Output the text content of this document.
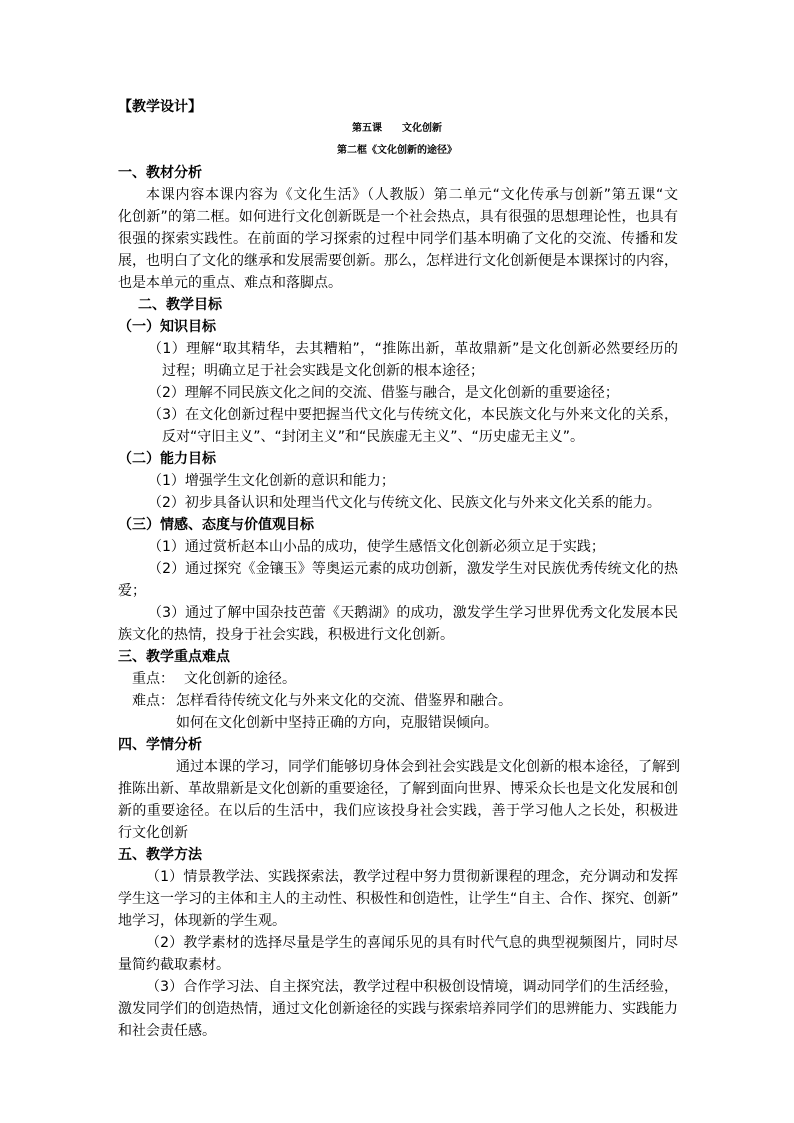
【教学设计】
第五课　　文化创新
第二框《文化创新的途径》
一、教材分析
本课内容本课内容为《文化生活》（人教版）第二单元“文化传承与创新”第五课“文
化创新”的第二框。如何进行文化创新既是一个社会热点，具有很强的思想理论性，也具有
很强的探索实践性。在前面的学习探索的过程中同学们基本明确了文化的交流、传播和发
展，也明白了文化的继承和发展需要创新。那么，怎样进行文化创新便是本课探讨的内容，
也是本单元的重点、难点和落脚点。
二、教学目标
（一）知识目标
（1）理解“取其精华，去其糟粕”，“推陈出新，革故鼎新”是文化创新必然要经历的
过程；明确立足于社会实践是文化创新的根本途径；
（2）理解不同民族文化之间的交流、借鉴与融合，是文化创新的重要途径；
（3）在文化创新过程中要把握当代文化与传统文化，本民族文化与外来文化的关系，
反对“守旧主义”、“封闭主义”和“民族虚无主义”、“历史虚无主义”。
（二）能力目标
（1）增强学生文化创新的意识和能力；
（2）初步具备认识和处理当代文化与传统文化、民族文化与外来文化关系的能力。
（三）情感、态度与价值观目标
（1）通过赏析赵本山小品的成功，使学生感悟文化创新必须立足于实践；
（2）通过探究《金镶玉》等奥运元素的成功创新，激发学生对民族优秀传统文化的热
爱；
（3）通过了解中国杂技芭蕾《天鹅湖》的成功，激发学生学习世界优秀文化发展本民
族文化的热情，投身于社会实践，积极进行文化创新。
三、教学重点难点
重点： 文化创新的途径。
难点： 怎样看待传统文化与外来文化的交流、借鉴界和融合。
如何在文化创新中坚持正确的方向，克服错误倾向。
四、学情分析
通过本课的学习，同学们能够切身体会到社会实践是文化创新的根本途径，了解到
推陈出新、革故鼎新是文化创新的重要途径，了解到面向世界、博采众长也是文化发展和创
新的重要途径。在以后的生活中，我们应该投身社会实践，善于学习他人之长处，积极进
行文化创新
五、教学方法
（1）情景教学法、实践探索法，教学过程中努力贯彻新课程的理念，充分调动和发挥
学生这一学习的主体和主人的主动性、积极性和创造性，让学生“自主、合作、探究、创新”
地学习，体现新的学生观。
（2）教学素材的选择尽量是学生的喜闻乐见的具有时代气息的典型视频图片，同时尽
量简约截取素材。
（3）合作学习法、自主探究法，教学过程中积极创设情境，调动同学们的生活经验，
激发同学们的创造热情，通过文化创新途径的实践与探索培养同学们的思辨能力、实践能力
和社会责任感。
